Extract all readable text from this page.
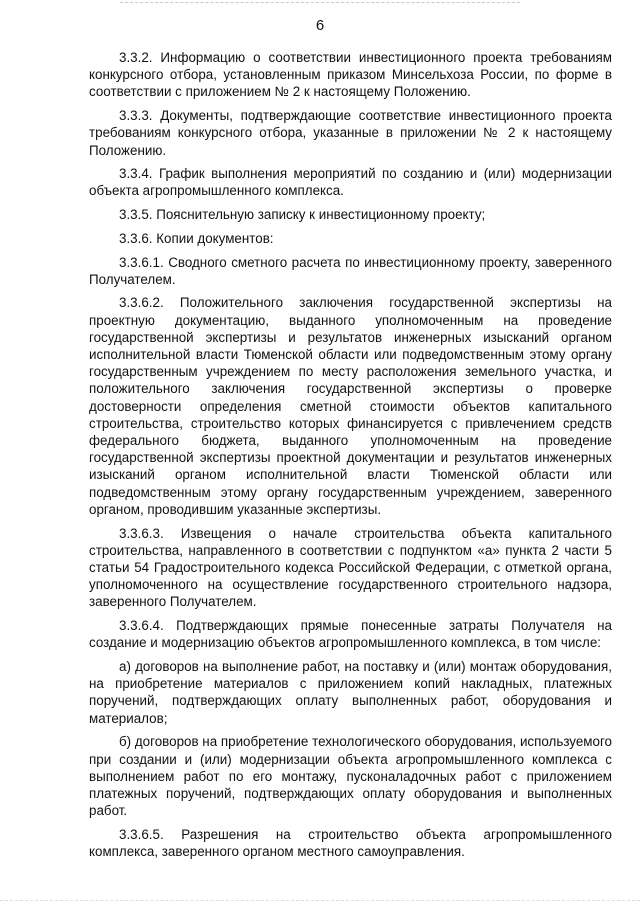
6

3.3.2. Информацию о соответствии инвестиционного проекта требованиям конкурсного отбора, установленным приказом Минсельхоза России, по форме в соответствии с приложением № 2 к настоящему Положению.

3.3.3. Документы, подтверждающие соответствие инвестиционного проекта требованиям конкурсного отбора, указанные в приложении № 2 к настоящему Положению.

3.3.4. График выполнения мероприятий по созданию и (или) модернизации объекта агропромышленного комплекса.

3.3.5. Пояснительную записку к инвестиционному проекту;

3.3.6. Копии документов:

3.3.6.1. Сводного сметного расчета по инвестиционному проекту, заверенного Получателем.

3.3.6.2. Положительного заключения государственной экспертизы на проектную документацию, выданного уполномоченным на проведение государственной экспертизы и результатов инженерных изысканий органом исполнительной власти Тюменской области или подведомственным этому органу государственным учреждением по месту расположения земельного участка, и положительного заключения государственной экспертизы о проверке достоверности определения сметной стоимости объектов капитального строительства, строительство которых финансируется с привлечением средств федерального бюджета, выданного уполномоченным на проведение государственной экспертизы проектной документации и результатов инженерных изысканий органом исполнительной власти Тюменской области или подведомственным этому органу государственным учреждением, заверенного органом, проводившим указанные экспертизы.

3.3.6.3. Извещения о начале строительства объекта капитального строительства, направленного в соответствии с подпунктом «а» пункта 2 части 5 статьи 54 Градостроительного кодекса Российской Федерации, с отметкой органа, уполномоченного на осуществление государственного строительного надзора, заверенного Получателем.

3.3.6.4. Подтверждающих прямые понесенные затраты Получателя на создание и модернизацию объектов агропромышленного комплекса, в том числе:

а) договоров на выполнение работ, на поставку и (или) монтаж оборудования, на приобретение материалов с приложением копий накладных, платежных поручений, подтверждающих оплату выполненных работ, оборудования и материалов;

б) договоров на приобретение технологического оборудования, используемого при создании и (или) модернизации объекта агропромышленного комплекса с выполнением работ по его монтажу, пусконаладочных работ с приложением платежных поручений, подтверждающих оплату оборудования и выполненных работ.

3.3.6.5. Разрешения на строительство объекта агропромышленного комплекса, заверенного органом местного самоуправления.
